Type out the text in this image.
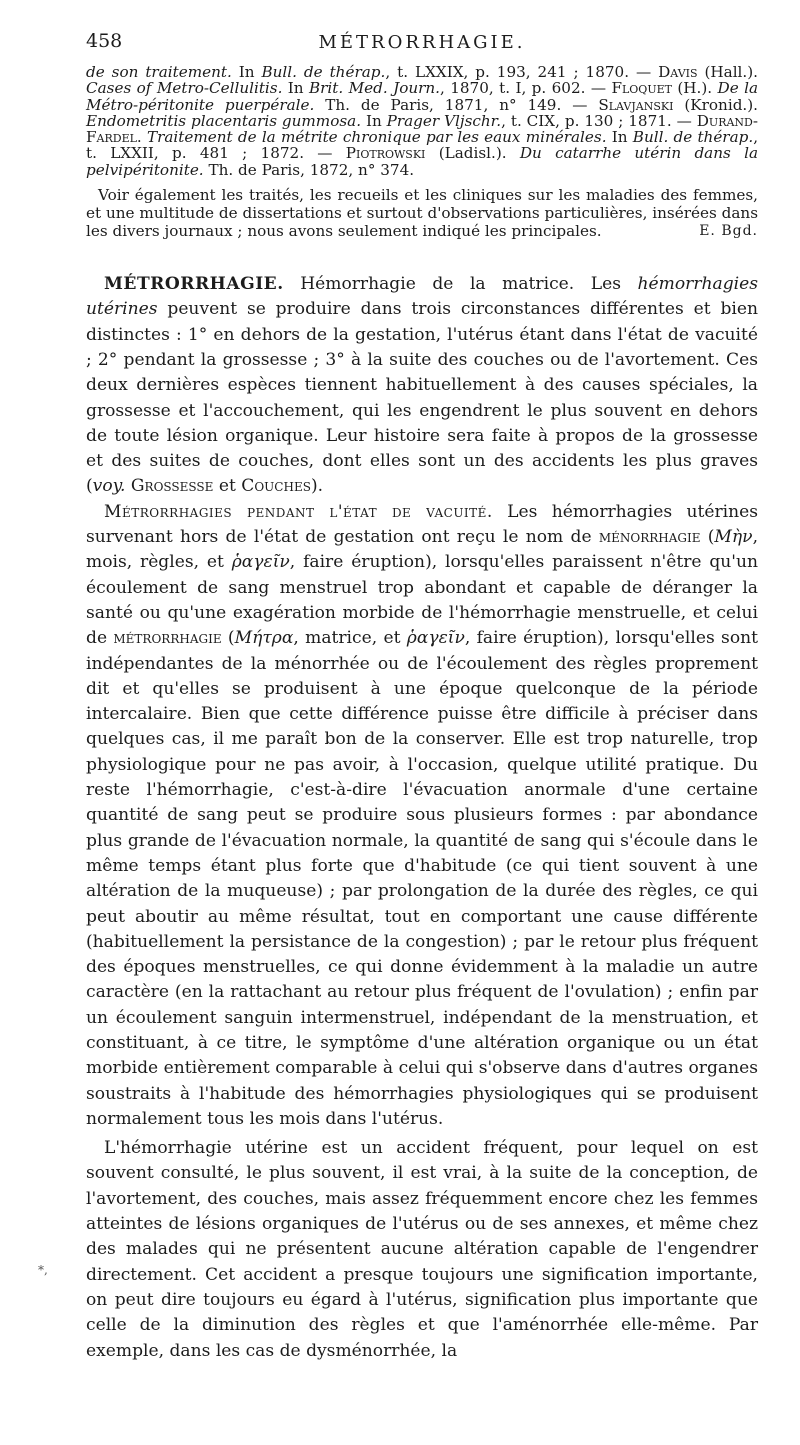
458	MÉTRORRHAGIE.

de son traitement. In Bull. de thérap., t. LXXIX, p. 193, 241 ; 1870. — Davis (Hall.). Cases of Metro-Cellulitis. In Brit. Med. Journ., 1870, t. I, p. 602. — Floquet (H.). De la Métro-péritonite puerpérale. Th. de Paris, 1871, n° 149. — Slavjanski (Kronid.). Endometritis placentaris gummosa. In Prager Vljschr., t. CIX, p. 130 ; 1871. — Durand-Fardel. Traitement de la métrite chronique par les eaux minérales. In Bull. de thérap., t. LXXII, p. 481 ; 1872. — Piotrowski (Ladisl.). Du catarrhe utérin dans la pelvipéritonite. Th. de Paris, 1872, n° 374.

Voir également les traités, les recueils et les cliniques sur les maladies des femmes, et une multitude de dissertations et surtout d'observations particulières, insérées dans les divers journaux ; nous avons seulement indiqué les principales.	E. Bgd.

MÉTRORRHAGIE. Hémorrhagie de la matrice. Les hémorrhagies utérines peuvent se produire dans trois circonstances différentes et bien distinctes : 1° en dehors de la gestation, l'utérus étant dans l'état de vacuité ; 2° pendant la grossesse ; 3° à la suite des couches ou de l'avortement. Ces deux dernières espèces tiennent habituellement à des causes spéciales, la grossesse et l'accouchement, qui les engendrent le plus souvent en dehors de toute lésion organique. Leur histoire sera faite à propos de la grossesse et des suites de couches, dont elles sont un des accidents les plus graves (voy. Grossesse et Couches).

Métrorrhagies pendant l'état de vacuité. Les hémorrhagies utérines survenant hors de l'état de gestation ont reçu le nom de ménorrhagie (Μὴν, mois, règles, et ῥαγεῖν, faire éruption), lorsqu'elles paraissent n'être qu'un écoulement de sang menstruel trop abondant et capable de déranger la santé ou qu'une exagération morbide de l'hémorrhagie menstruelle, et celui de métrorrhagie (Μήτρα, matrice, et ῥαγεῖν, faire éruption), lorsqu'elles sont indépendantes de la ménorrhée ou de l'écoulement des règles proprement dit et qu'elles se produisent à une époque quelconque de la période intercalaire. Bien que cette différence puisse être difficile à préciser dans quelques cas, il me paraît bon de la conserver. Elle est trop naturelle, trop physiologique pour ne pas avoir, à l'occasion, quelque utilité pratique. Du reste l'hémorrhagie, c'est-à-dire l'évacuation anormale d'une certaine quantité de sang peut se produire sous plusieurs formes : par abondance plus grande de l'évacuation normale, la quantité de sang qui s'écoule dans le même temps étant plus forte que d'habitude (ce qui tient souvent à une altération de la muqueuse) ; par prolongation de la durée des règles, ce qui peut aboutir au même résultat, tout en comportant une cause différente (habituellement la persistance de la congestion) ; par le retour plus fréquent des époques menstruelles, ce qui donne évidemment à la maladie un autre caractère (en la rattachant au retour plus fréquent de l'ovulation) ; enfin par un écoulement sanguin intermenstruel, indépendant de la menstruation, et constituant, à ce titre, le symptôme d'une altération organique ou un état morbide entièrement comparable à celui qui s'observe dans d'autres organes soustraits à l'habitude des hémorrhagies physiologiques qui se produisent normalement tous les mois dans l'utérus.

L'hémorrhagie utérine est un accident fréquent, pour lequel on est souvent consulté, le plus souvent, il est vrai, à la suite de la conception, de l'avortement, des couches, mais assez fréquemment encore chez les femmes atteintes de lésions organiques de l'utérus ou de ses annexes, et même chez des malades qui ne présentent aucune altération capable de l'engendrer directement. Cet accident a presque toujours une signification importante, on peut dire toujours eu égard à l'utérus, signification plus importante que celle de la diminution des règles et que l'aménorrhée elle-même. Par exemple, dans les cas de dysménorrhée, la

*,
